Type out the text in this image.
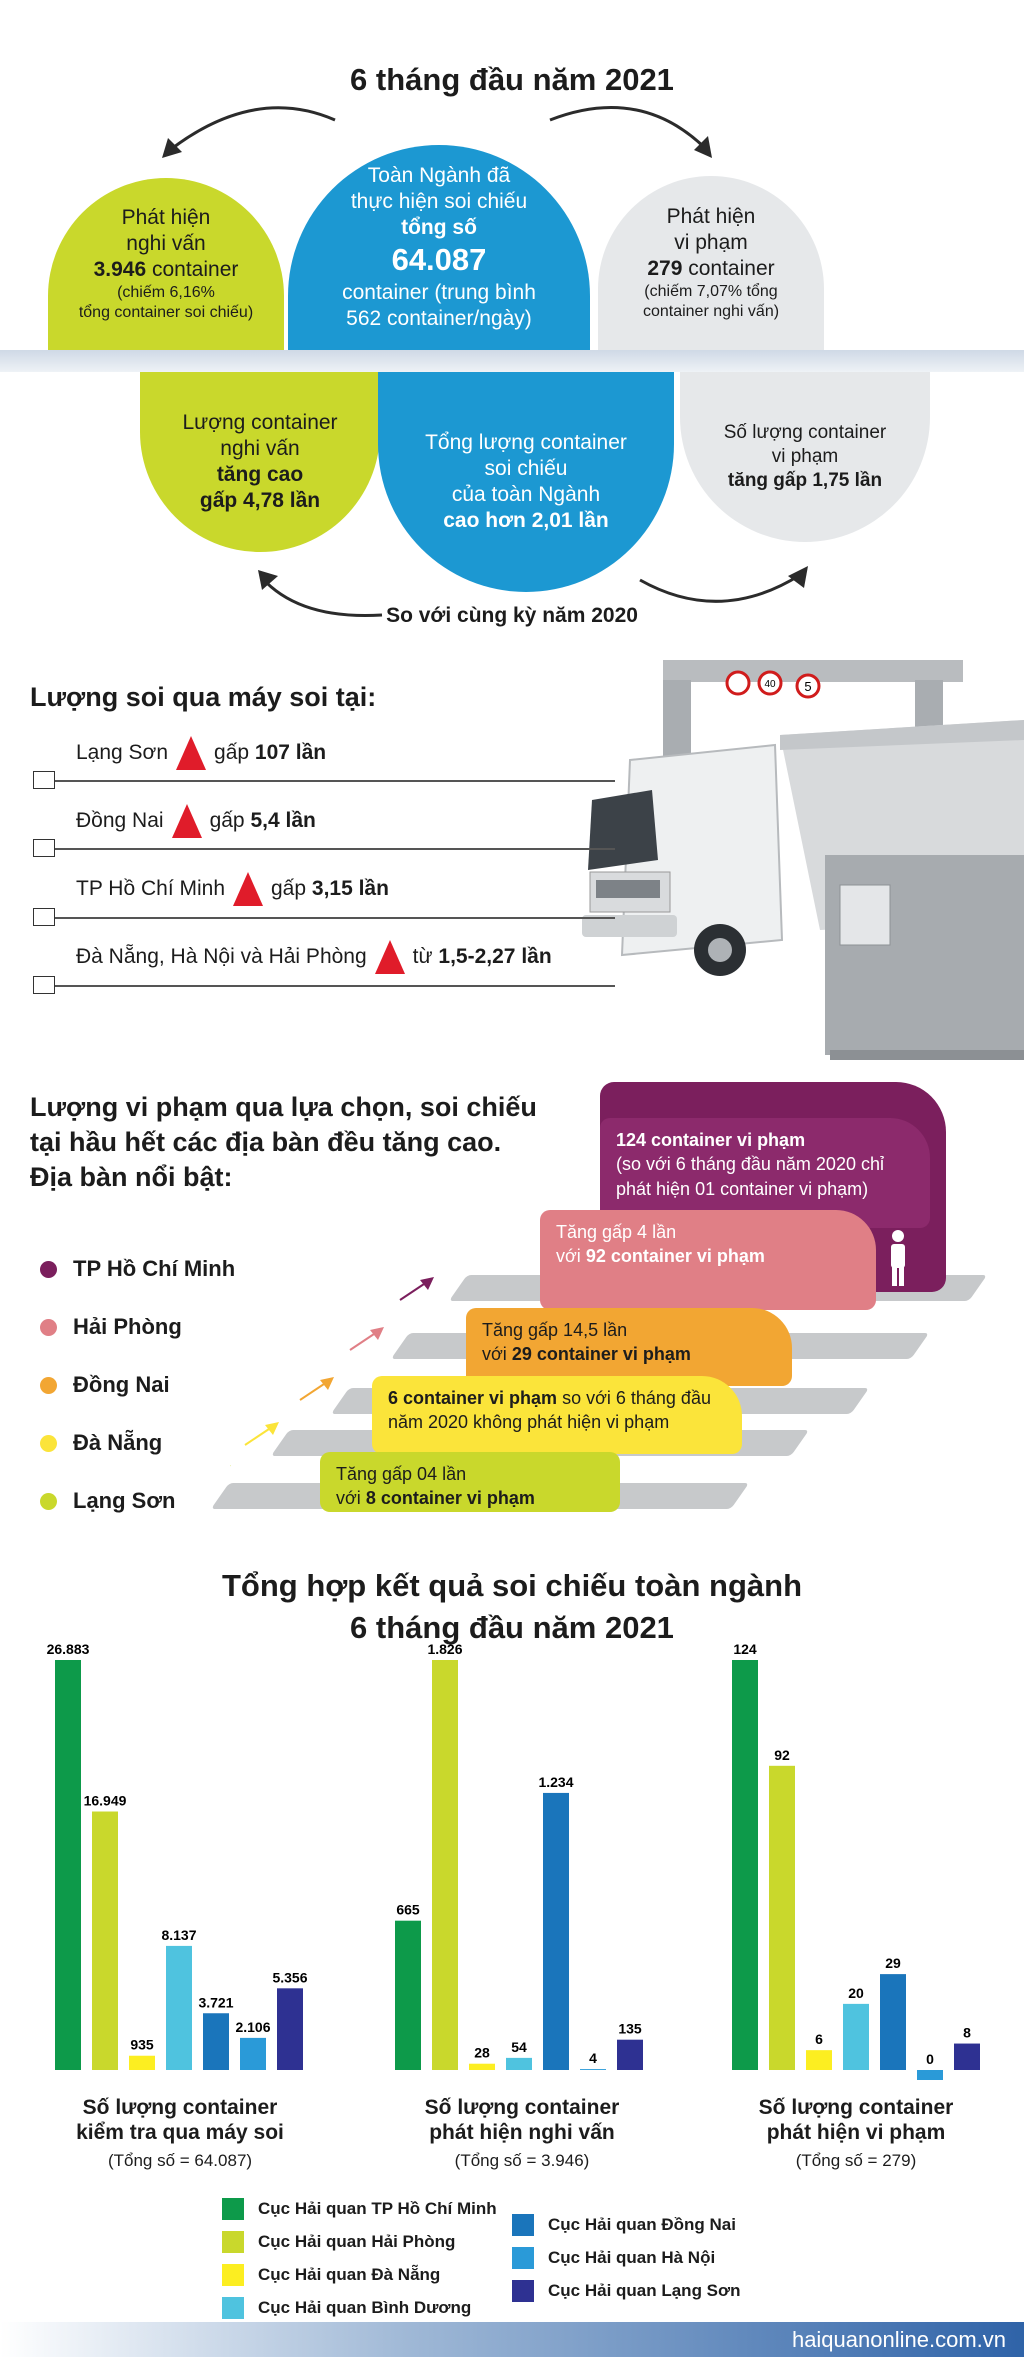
6 tháng đầu năm 2021
Phát hiện
nghi vấn
3.946 container
(chiếm 6,16%
tổng container soi chiếu)
Toàn Ngành đã
thực hiện soi chiếu
tổng số
64.087
container (trung bình
562 container/ngày)
Phát hiện
vi phạm
279 container
(chiếm 7,07% tổng
container nghi vấn)
Lượng container
nghi vấn
tăng cao
gấp 4,78 lần
Tổng lượng container
soi chiếu
của toàn Ngành
cao hơn 2,01 lần
Số lượng container
vi phạm
tăng gấp 1,75 lần
So với cùng kỳ năm 2020
Lượng soi qua máy soi tại:	40 5
Lạng Sơn gấp
107 lần
Đồng Nai gấp
5,4 lần
TP Hồ Chí Minh gấp
3,15 lần
Đà Nẵng, Hà Nội và Hải Phòng từ
1,5-2,27 lần
Lượng vi phạm qua lựa chọn, soi chiếu
tại hầu hết các địa bàn đều tăng cao.
Địa bàn nổi bật:
TP Hồ Chí Minh
Hải Phòng
Đồng Nai
Đà Nẵng
Lạng Sơn
124 container vi phạm
(so với 6 tháng đầu năm 2020 chỉ phát hiện 01 container vi phạm)
Tăng gấp 4 lần
với 92 container vi phạm
Tăng gấp 14,5 lần
với 29 container vi phạm
6 container vi phạm so với 6 tháng đầu
năm 2020 không phát hiện vi phạm
Tăng gấp 04 lần
với 8 container vi phạm
Tổng hợp kết quả soi chiếu toàn ngành
6 tháng đầu năm 2021
26.883
16.949
935
8.137
3.721
2.106
5.356
665
1.826
28 54
1.234
4
135
124
92
6
20
29
0
8
Số lượng container
kiểm tra qua máy soi
(Tổng số = 64.087)
Số lượng container
phát hiện nghi vấn
(Tổng số = 3.946)
Số lượng container
phát hiện vi phạm
(Tổng số = 279)
Cục Hải quan TP Hồ Chí Minh
Cục Hải quan Hải Phòng
Cục Hải quan Đà Nẵng
Cục Hải quan Bình Dương
Cục Hải quan Đồng Nai
Cục Hải quan Hà Nội
Cục Hải quan Lạng Sơn
haiquanonline.com.vn
